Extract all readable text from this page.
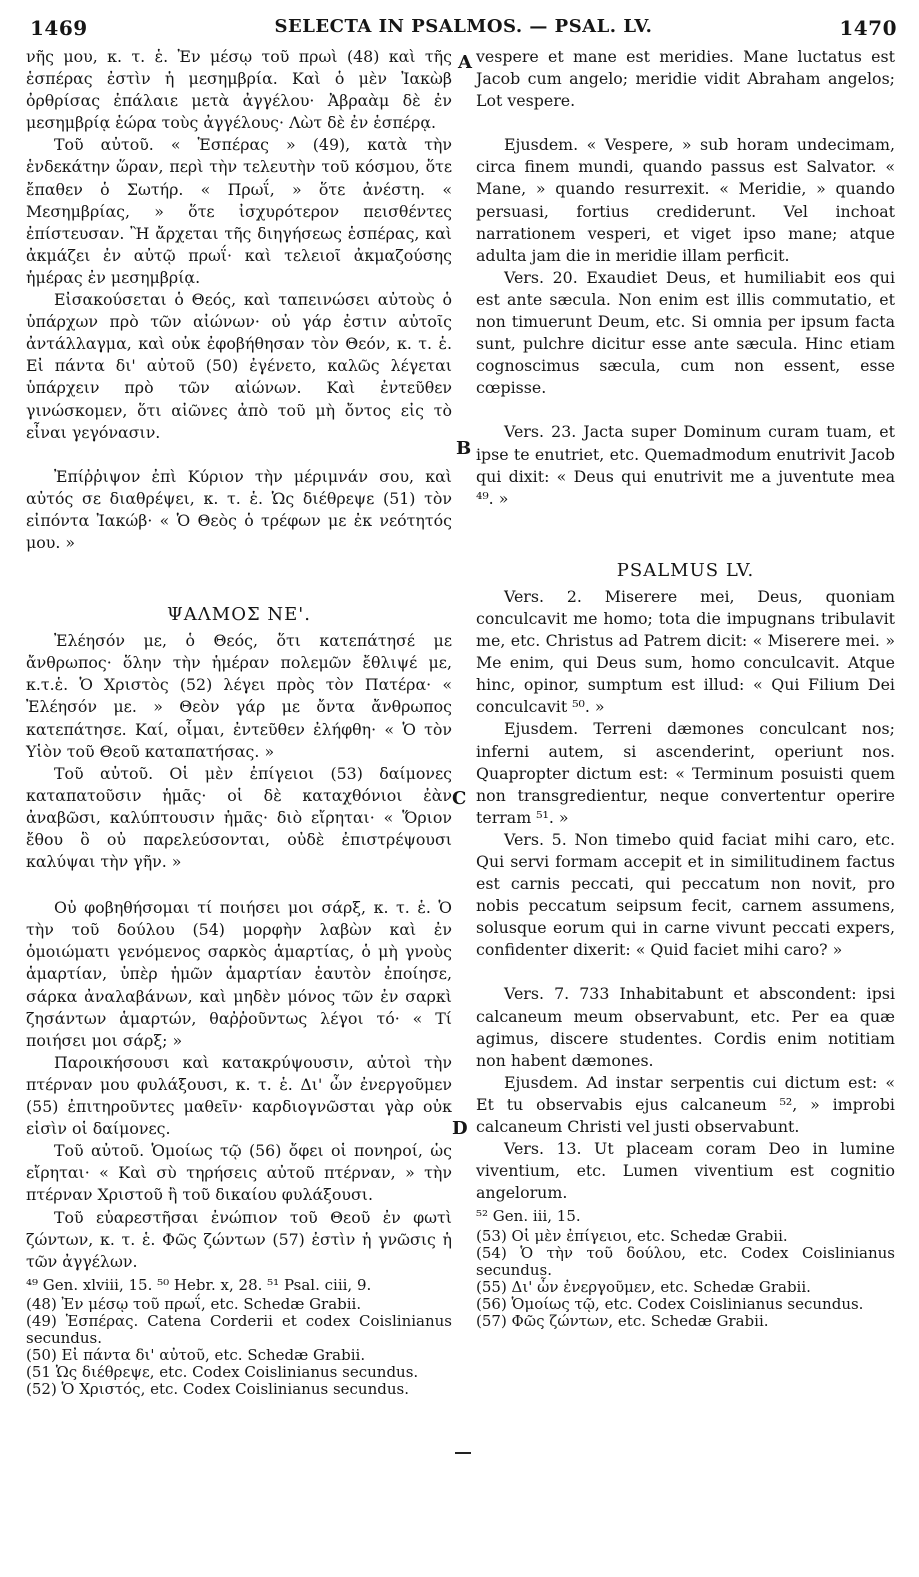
1469	SELECTA IN PSALMOS. — PSAL. LV.	1470
A
B
C
D

νῆς μου, κ. τ. ἑ. Ἐν μέσῳ τοῦ πρωὶ (48) καὶ τῆς ἑσπέρας ἐστὶν ἡ μεσημβρία. Καὶ ὁ μὲν Ἰακὼβ ὀρθρίσας ἐπάλαιε μετὰ ἀγγέλου· Ἀβραὰμ δὲ ἐν μεσημβρίᾳ ἑώρα τοὺς ἀγγέλους· Λὼτ δὲ ἐν ἑσπέρᾳ.

Τοῦ αὐτοῦ. « Ἑσπέρας » (49), κατὰ τὴν ἑνδεκάτην ὥραν, περὶ τὴν τελευτὴν τοῦ κόσμου, ὅτε ἔπαθεν ὁ Σωτήρ. « Πρωΐ, » ὅτε ἀνέστη. « Μεσημβρίας, » ὅτε ἰσχυρότερον πεισθέντες ἐπίστευσαν. Ἢ ἄρχεται τῆς διηγήσεως ἑσπέρας, καὶ ἀκμάζει ἐν αὐτῷ πρωΐ· καὶ τελειοῖ ἀκμαζούσης ἡμέρας ἐν μεσημβρίᾳ.

Εἰσακούσεται ὁ Θεός, καὶ ταπεινώσει αὐτοὺς ὁ ὑπάρχων πρὸ τῶν αἰώνων· οὐ γάρ ἐστιν αὐτοῖς ἀντάλλαγμα, καὶ οὐκ ἐφοβήθησαν τὸν Θεόν, κ. τ. ἑ. Εἰ πάντα δι' αὐτοῦ (50) ἐγένετο, καλῶς λέγεται ὑπάρχειν πρὸ τῶν αἰώνων. Καὶ ἐντεῦθεν γινώσκομεν, ὅτι αἰῶνες ἀπὸ τοῦ μὴ ὄντος εἰς τὸ εἶναι γεγόνασιν.

Ἐπίῤῥιψον ἐπὶ Κύριον τὴν μέριμνάν σου, καὶ αὐτός σε διαθρέψει, κ. τ. ἑ. Ὡς διέθρεψε (51) τὸν εἰπόντα Ἰακώβ· « Ὁ Θεὸς ὁ τρέφων με ἐκ νεότητός μου. »

ΨΑΛΜΟΣ ΝΕ'.

Ἐλέησόν με, ὁ Θεός, ὅτι κατεπάτησέ με ἄνθρωπος· ὅλην τὴν ἡμέραν πολεμῶν ἔθλιψέ με, κ.τ.ἑ. Ὁ Χριστὸς (52) λέγει πρὸς τὸν Πατέρα· « Ἐλέησόν με. » Θεὸν γάρ με ὄντα ἄνθρωπος κατεπάτησε. Καί, οἶμαι, ἐντεῦθεν ἐλήφθη· « Ὁ τὸν Υἱὸν τοῦ Θεοῦ καταπατήσας. »

Τοῦ αὐτοῦ. Οἱ μὲν ἐπίγειοι (53) δαίμονες καταπατοῦσιν ἡμᾶς· οἱ δὲ καταχθόνιοι ἐὰν ἀναβῶσι, καλύπτουσιν ἡμᾶς· διὸ εἴρηται· « Ὅριον ἔθου ὃ οὐ παρελεύσονται, οὐδὲ ἐπιστρέψουσι καλύψαι τὴν γῆν. »

Οὐ φοβηθήσομαι τί ποιήσει μοι σάρξ, κ. τ. ἑ. Ὁ τὴν τοῦ δούλου (54) μορφὴν λαβὼν καὶ ἐν ὁμοιώματι γενόμενος σαρκὸς ἁμαρτίας, ὁ μὴ γνοὺς ἁμαρτίαν, ὑπὲρ ἡμῶν ἁμαρτίαν ἑαυτὸν ἐποίησε, σάρκα ἀναλαβάνων, καὶ μηδὲν μόνος τῶν ἐν σαρκὶ ζησάντων ἁμαρτών, θαῤῥοῦντως λέγοι τό· « Τί ποιήσει μοι σάρξ; »

Παροικήσουσι καὶ κατακρύψουσιν, αὐτοὶ τὴν πτέρναν μου φυλάξουσι, κ. τ. ἑ. Δι' ὧν ἐνεργοῦμεν (55) ἐπιτηροῦντες μαθεῖν· καρδιογνῶσται γὰρ οὐκ εἰσὶν οἱ δαίμονες.

Τοῦ αὐτοῦ. Ὁμοίως τῷ (56) ὄφει οἱ πονηροί, ὡς εἴρηται· « Καὶ σὺ τηρήσεις αὐτοῦ πτέρναν, » τὴν πτέρναν Χριστοῦ ἢ τοῦ δικαίου φυλάξουσι.

Τοῦ εὐαρεστῆσαι ἐνώπιον τοῦ Θεοῦ ἐν φωτὶ ζώντων, κ. τ. ἑ. Φῶς ζώντων (57) ἐστὶν ἡ γνῶσις ἡ τῶν ἀγγέλων.

⁴⁹ Gen. xlviii, 15. ⁵⁰ Hebr. x, 28. ⁵¹ Psal. ciii, 9.

(48) Ἐν μέσῳ τοῦ πρωΐ, etc. Schedæ Grabii.

(49) Ἑσπέρας. Catena Corderii et codex Coislinianus secundus.

(50) Εἰ πάντα δι' αὐτοῦ, etc. Schedæ Grabii.

(51 Ὡς διέθρεψε, etc. Codex Coislinianus secundus.

(52) Ὁ Χριστός, etc. Codex Coislinianus secundus.

vespere et mane est meridies. Mane luctatus est Jacob cum angelo; meridie vidit Abraham angelos; Lot vespere.

Ejusdem. « Vespere, » sub horam undecimam, circa finem mundi, quando passus est Salvator. « Mane, » quando resurrexit. « Meridie, » quando persuasi, fortius crediderunt. Vel inchoat narrationem vesperi, et viget ipso mane; atque adulta jam die in meridie illam perficit.

Vers. 20. Exaudiet Deus, et humiliabit eos qui est ante sæcula. Non enim est illis commutatio, et non timuerunt Deum, etc. Si omnia per ipsum facta sunt, pulchre dicitur esse ante sæcula. Hinc etiam cognoscimus sæcula, cum non essent, esse cœpisse.

Vers. 23. Jacta super Dominum curam tuam, et ipse te enutriet, etc. Quemadmodum enutrivit Jacob qui dixit: « Deus qui enutrivit me a juventute mea ⁴⁹. »

PSALMUS LV.

Vers. 2. Miserere mei, Deus, quoniam conculcavit me homo; tota die impugnans tribulavit me, etc. Christus ad Patrem dicit: « Miserere mei. » Me enim, qui Deus sum, homo conculcavit. Atque hinc, opinor, sumptum est illud: « Qui Filium Dei conculcavit ⁵⁰. »

Ejusdem. Terreni dæmones conculcant nos; inferni autem, si ascenderint, operiunt nos. Quapropter dictum est: « Terminum posuisti quem non transgredientur, neque convertentur operire terram ⁵¹. »

Vers. 5. Non timebo quid faciat mihi caro, etc. Qui servi formam accepit et in similitudinem factus est carnis peccati, qui peccatum non novit, pro nobis peccatum seipsum fecit, carnem assumens, solusque eorum qui in carne vivunt peccati expers, confidenter dixerit: « Quid faciet mihi caro? »

Vers. 7. 733 Inhabitabunt et abscondent: ipsi calcaneum meum observabunt, etc. Per ea quæ agimus, discere studentes. Cordis enim notitiam non habent dæmones.

Ejusdem. Ad instar serpentis cui dictum est: « Et tu observabis ejus calcaneum ⁵², » improbi calcaneum Christi vel justi observabunt.

Vers. 13. Ut placeam coram Deo in lumine viventium, etc. Lumen viventium est cognitio angelorum.

⁵² Gen. iii, 15.

(53) Οἱ μὲν ἐπίγειοι, etc. Schedæ Grabii.

(54) Ὁ τὴν τοῦ δούλου, etc. Codex Coislinianus secundus.

(55) Δι' ὧν ἐνεργοῦμεν, etc. Schedæ Grabii.

(56) Ὁμοίως τῷ, etc. Codex Coislinianus secundus.

(57) Φῶς ζώντων, etc. Schedæ Grabii.
